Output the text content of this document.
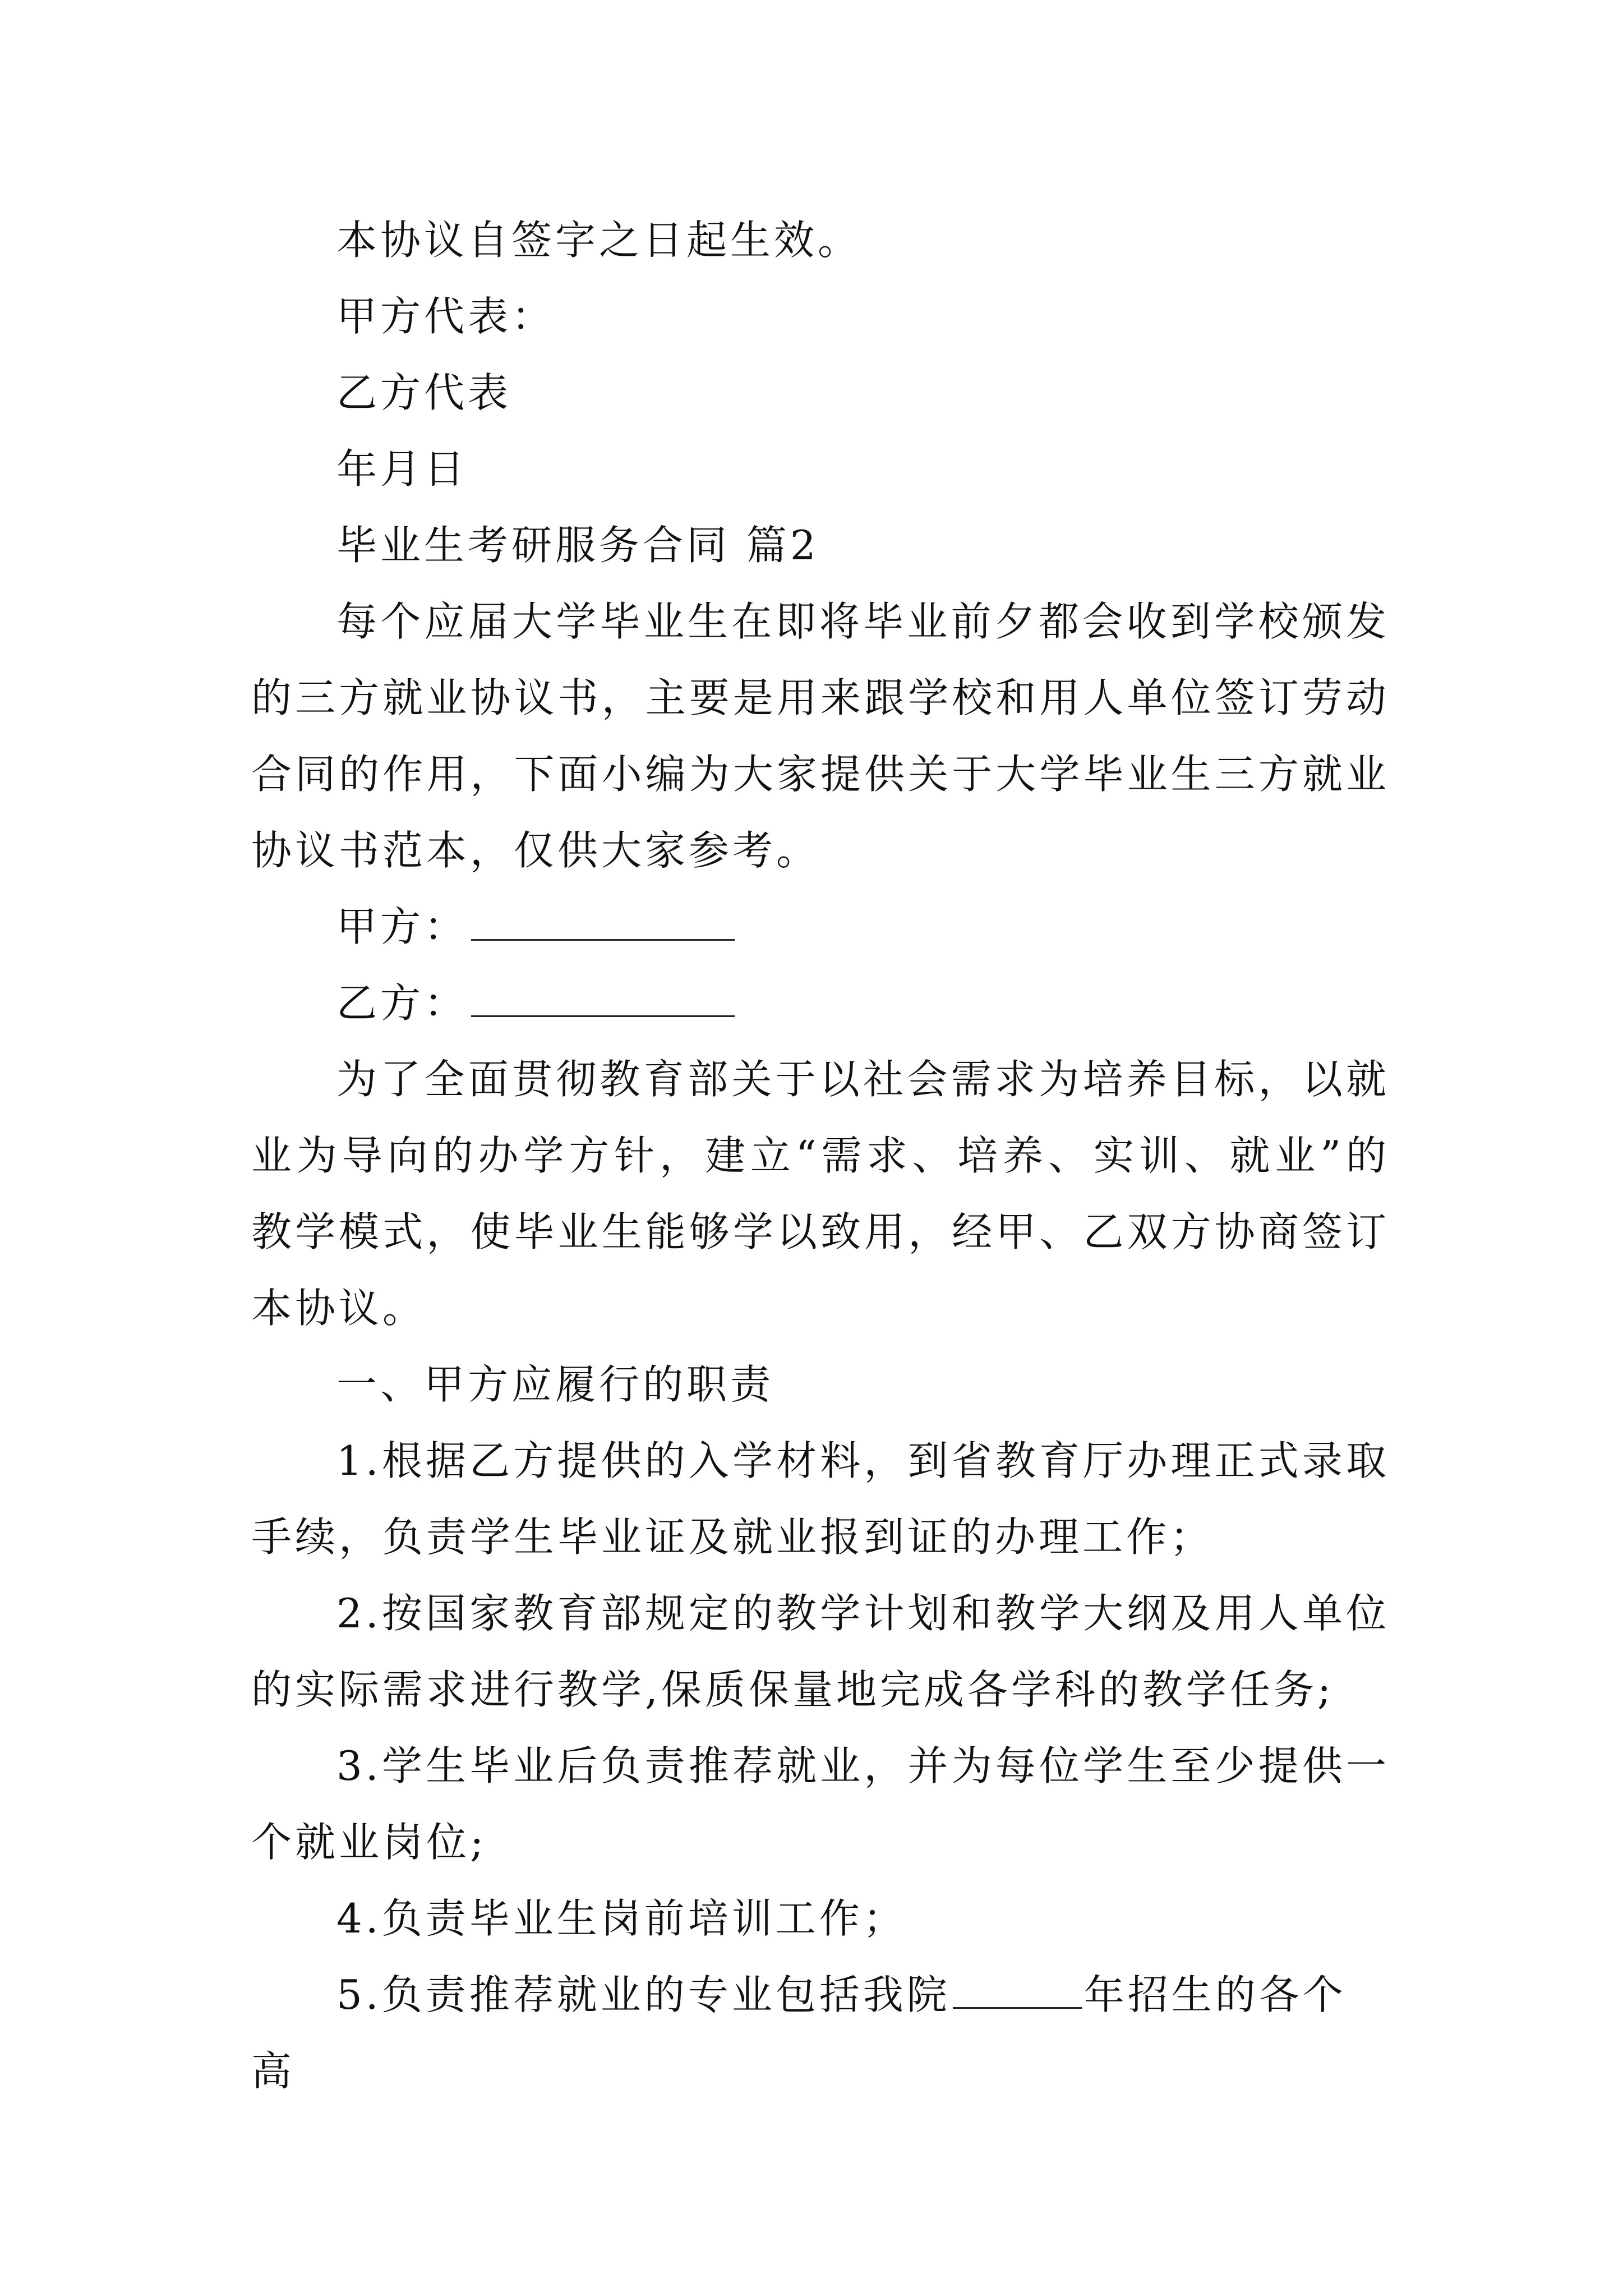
本协议自签字之日起生效。

甲方代表：

乙方代表

年月日

毕业生考研服务合同 篇2

每个应届大学毕业生在即将毕业前夕都会收到学校颁发的三方就业协议书，主要是用来跟学校和用人单位签订劳动合同的作用，下面小编为大家提供关于大学毕业生三方就业协议书范本，仅供大家参考。

甲方：

乙方：

为了全面贯彻教育部关于以社会需求为培养目标，以就业为导向的办学方针，建立“需求、培养、实训、就业”的教学模式，使毕业生能够学以致用，经甲、乙双方协商签订本协议。

一、甲方应履行的职责

1.根据乙方提供的入学材料，到省教育厅办理正式录取手续，负责学生毕业证及就业报到证的办理工作；

2.按国家教育部规定的教学计划和教学大纲及用人单位的实际需求进行教学,保质保量地完成各学科的教学任务;

3.学生毕业后负责推荐就业，并为每位学生至少提供一个就业岗位;

4.负责毕业生岗前培训工作；

5.负责推荐就业的专业包括我院	年招生的各个高
